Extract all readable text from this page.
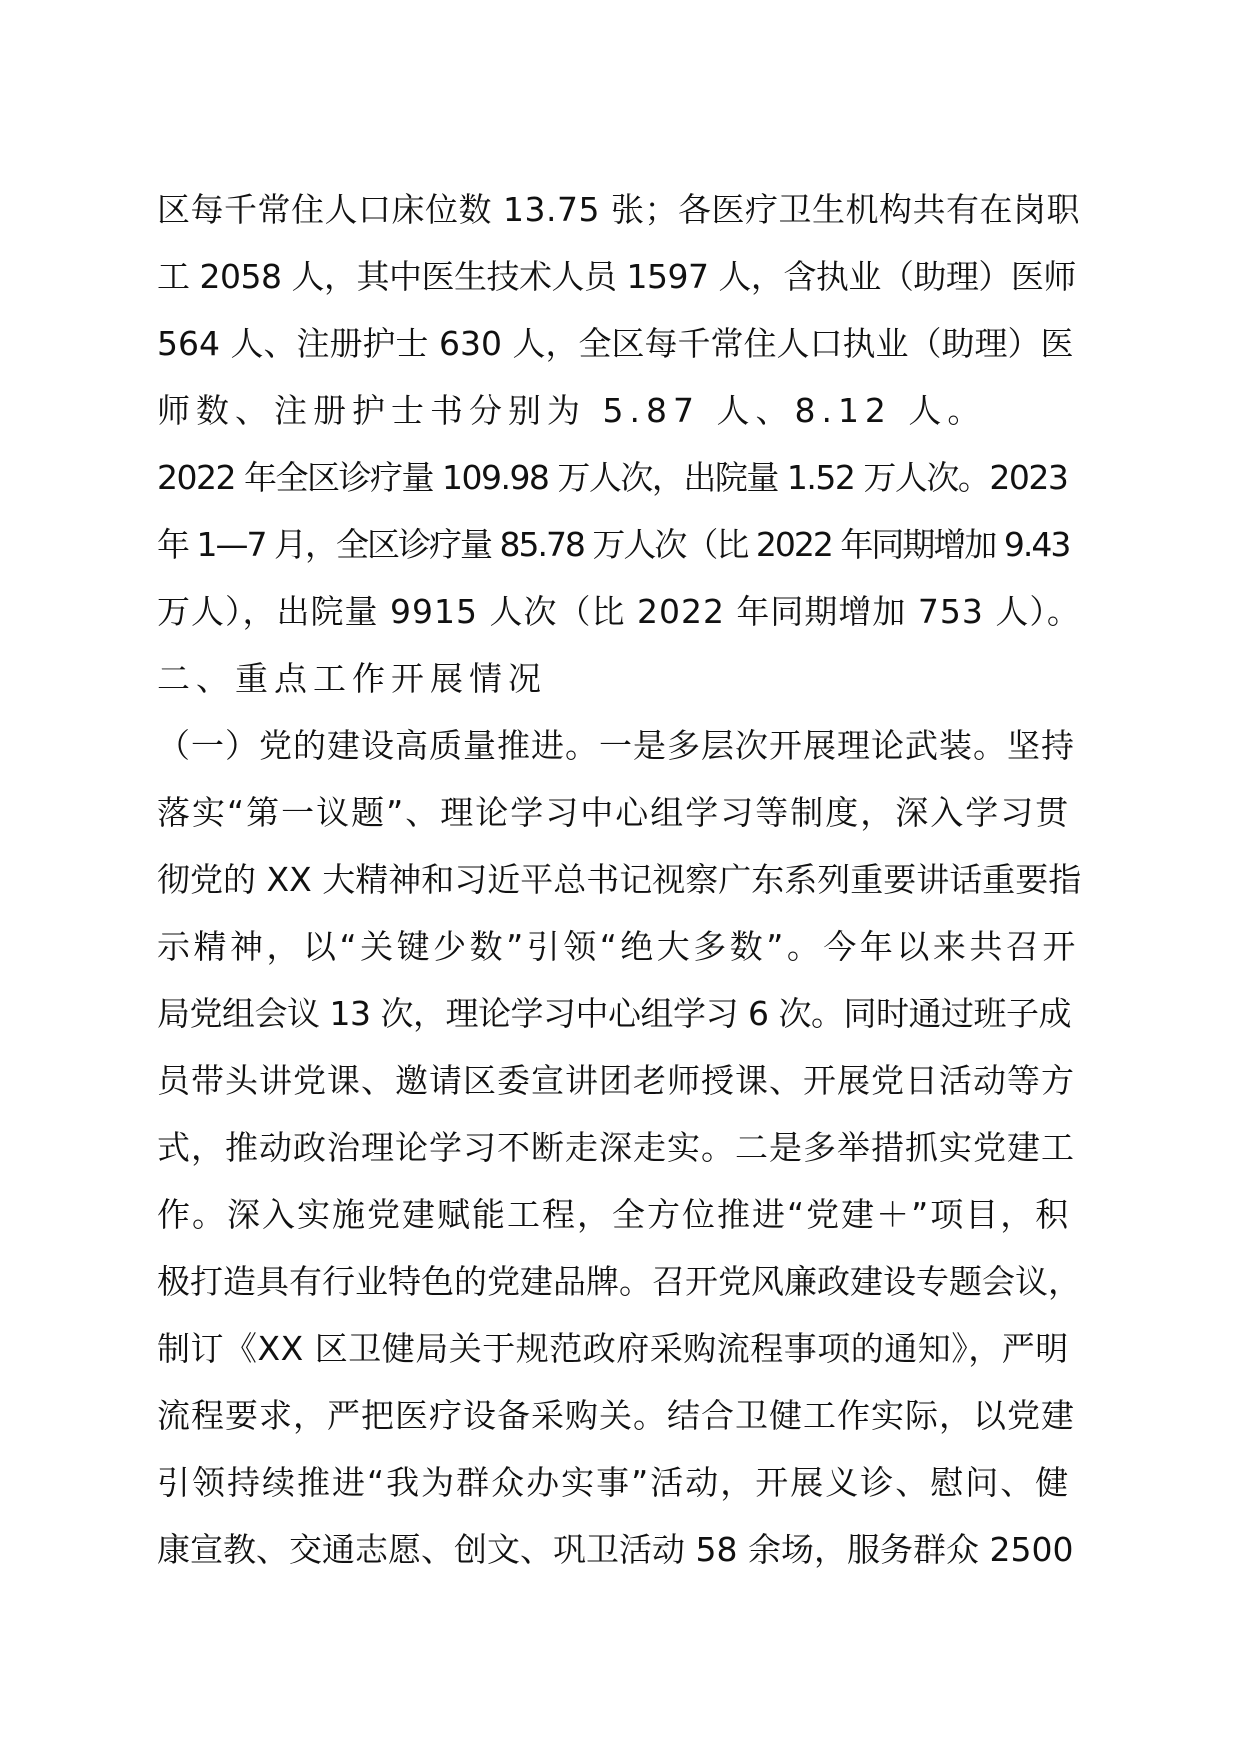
区每千常住人口床位数 13.75 张；各医疗卫生机构共有在岗职
工 2058 人，其中医生技术人员 1597 人，含执业（助理）医师
564 人、注册护士 630 人，全区每千常住人口执业（助理）医
师数、注册护士书分别为 5.87 人、8.12 人。
2022 年全区诊疗量 109.98 万人次，出院量 1.52 万人次。2023
年 1—7 月，全区诊疗量 85.78 万人次（比 2022 年同期增加 9.43
万人），出院量 9915 人次（比 2022 年同期增加 753 人）。
二、重点工作开展情况
（一）党的建设高质量推进。一是多层次开展理论武装。坚持
落实“第一议题”、理论学习中心组学习等制度，深入学习贯
彻党的 XX 大精神和习近平总书记视察广东系列重要讲话重要指
示精神，以“关键少数”引领“绝大多数”。今年以来共召开
局党组会议 13 次，理论学习中心组学习 6 次。同时通过班子成
员带头讲党课、邀请区委宣讲团老师授课、开展党日活动等方
式，推动政治理论学习不断走深走实。二是多举措抓实党建工
作。深入实施党建赋能工程，全方位推进“党建＋”项目，积
极打造具有行业特色的党建品牌。召开党风廉政建设专题会议，
制订《XX 区卫健局关于规范政府采购流程事项的通知》，严明
流程要求，严把医疗设备采购关。结合卫健工作实际，以党建
引领持续推进“我为群众办实事”活动，开展义诊、慰问、健
康宣教、交通志愿、创文、巩卫活动 58 余场，服务群众 2500
